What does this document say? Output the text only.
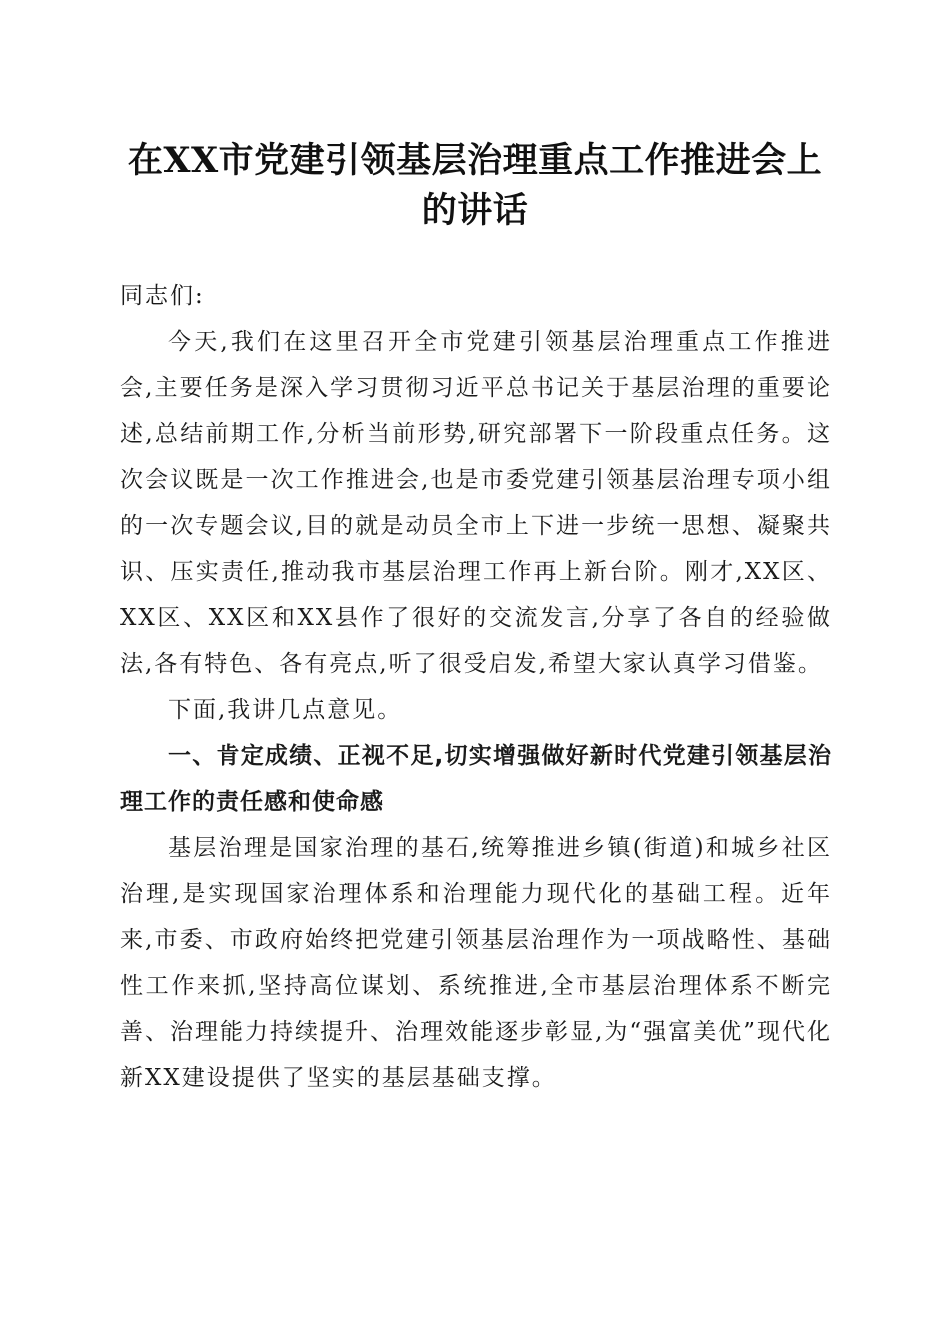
在XX市党建引领基层治理重点工作推进会上
的讲话

同志们:

今天,我们在这里召开全市党建引领基层治理重点工作推进会,主要任务是深入学习贯彻习近平总书记关于基层治理的重要论述,总结前期工作,分析当前形势,研究部署下一阶段重点任务。这次会议既是一次工作推进会,也是市委党建引领基层治理专项小组的一次专题会议,目的就是动员全市上下进一步统一思想、凝聚共识、压实责任,推动我市基层治理工作再上新台阶。刚才,XX区、XX区、XX区和XX县作了很好的交流发言,分享了各自的经验做法,各有特色、各有亮点,听了很受启发,希望大家认真学习借鉴。

下面,我讲几点意见。

一、肯定成绩、正视不足,切实增强做好新时代党建引领基层治理工作的责任感和使命感

基层治理是国家治理的基石,统筹推进乡镇(街道)和城乡社区治理,是实现国家治理体系和治理能力现代化的基础工程。近年来,市委、市政府始终把党建引领基层治理作为一项战略性、基础性工作来抓,坚持高位谋划、系统推进,全市基层治理体系不断完善、治理能力持续提升、治理效能逐步彰显,为“强富美优”现代化新XX建设提供了坚实的基层基础支撑。
